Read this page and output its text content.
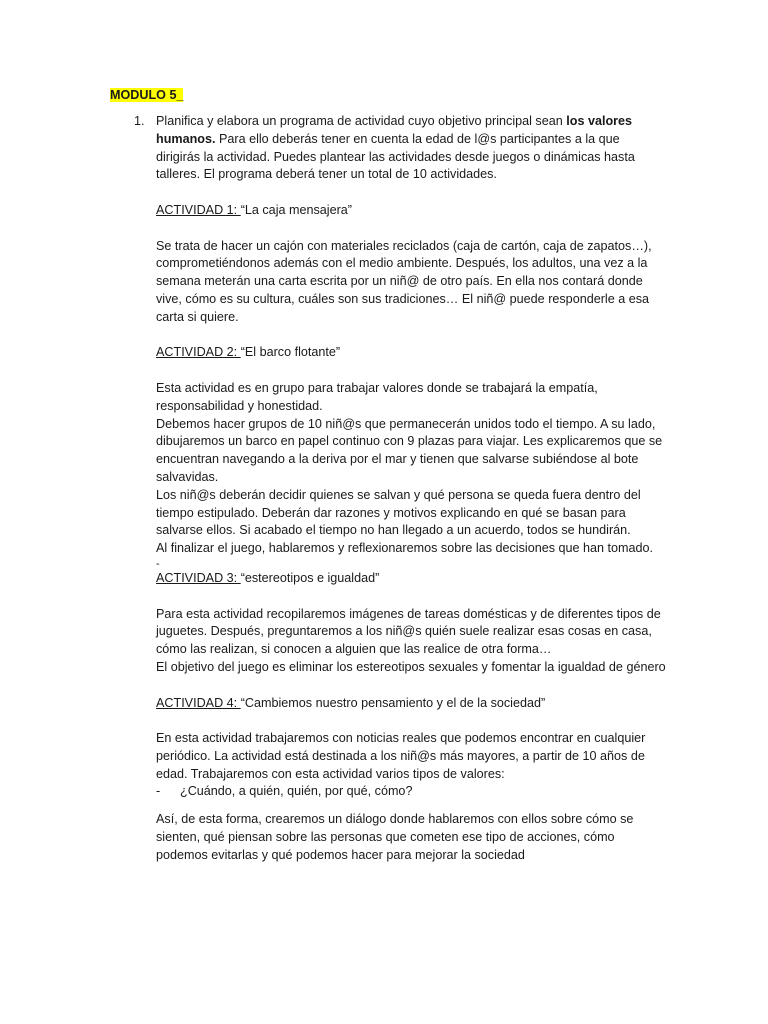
MODULO 5_
1. Planifica y elabora un programa de actividad cuyo objetivo principal sean los valores humanos. Para ello deberás tener en cuenta la edad de l@s participantes a la que dirigirás la actividad. Puedes plantear las actividades desde juegos o dinámicas hasta talleres. El programa deberá tener un total de 10 actividades.

ACTIVIDAD 1: “La caja mensajera”

Se trata de hacer un cajón con materiales reciclados (caja de cartón, caja de zapatos…), comprometiéndonos además con el medio ambiente. Después, los adultos, una vez a la semana meterán una carta escrita por un niñ@ de otro país. En ella nos contará donde vive, cómo es su cultura, cuáles son sus tradiciones… El niñ@ puede responderle a esa carta si quiere.

ACTIVIDAD 2: “El barco flotante”

Esta actividad es en grupo para trabajar valores donde se trabajará la empatía, responsabilidad y honestidad.

Debemos hacer grupos de 10 niñ@s que permanecerán unidos todo el tiempo. A su lado, dibujaremos un barco en papel continuo con 9 plazas para viajar. Les explicaremos que se encuentran navegando a la deriva por el mar y tienen que salvarse subiéndose al bote salvavidas.

Los niñ@s deberán decidir quienes se salvan y qué persona se queda fuera dentro del tiempo estipulado. Deberán dar razones y motivos explicando en qué se basan para salvarse ellos. Si acabado el tiempo no han llegado a un acuerdo, todos se hundirán.

Al finalizar el juego, hablaremos y reflexionaremos sobre las decisiones que han tomado.

-

ACTIVIDAD 3: “estereotipos e igualdad”

Para esta actividad recopilaremos imágenes de tareas domésticas y de diferentes tipos de juguetes. Después, preguntaremos a los niñ@s quién suele realizar esas cosas en casa, cómo las realizan, si conocen a alguien que las realice de otra forma…

El objetivo del juego es eliminar los estereotipos sexuales y fomentar la igualdad de género

ACTIVIDAD 4: “Cambiemos nuestro pensamiento y el de la sociedad”

En esta actividad trabajaremos con noticias reales que podemos encontrar en cualquier periódico. La actividad está destinada a los niñ@s más mayores, a partir de 10 años de edad. Trabajaremos con esta actividad varios tipos de valores:

-	¿Cuándo, a quién, quién, por qué, cómo?

Así, de esta forma, crearemos un diálogo donde hablaremos con ellos sobre cómo se sienten, qué piensan sobre las personas que cometen ese tipo de acciones, cómo podemos evitarlas y qué podemos hacer para mejorar la sociedad
